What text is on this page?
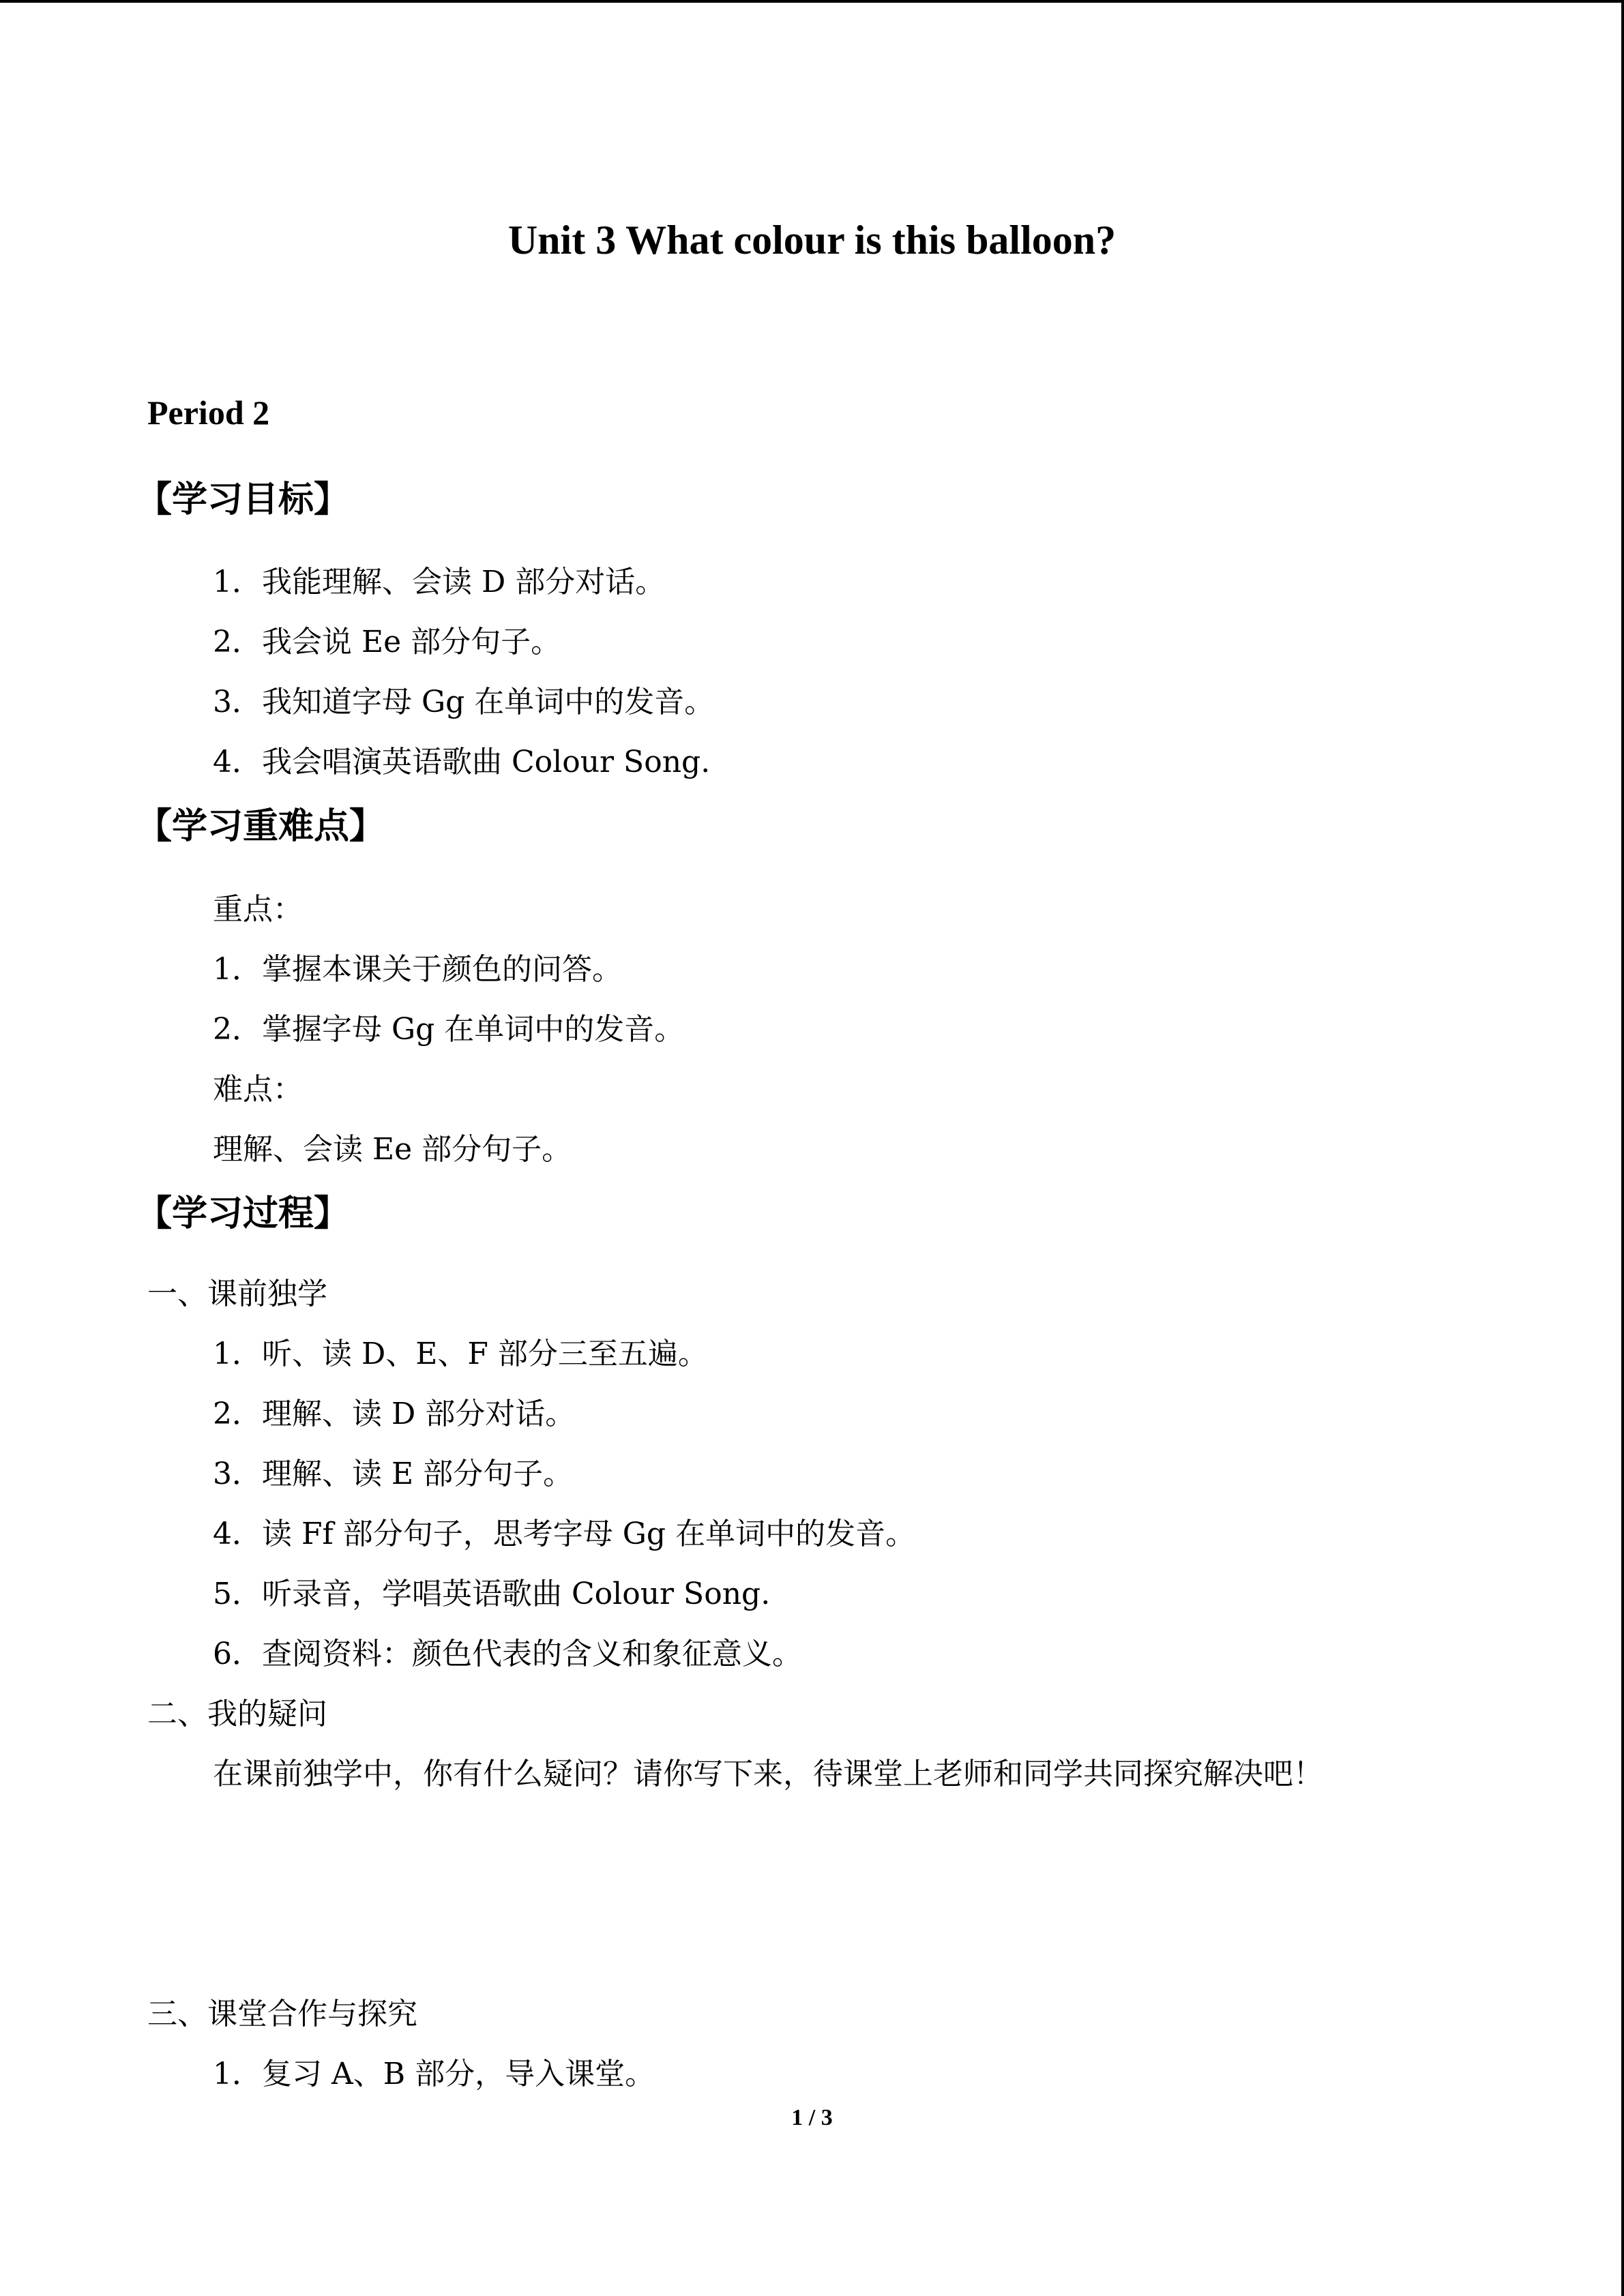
Unit 3 What colour is this balloon?
Period 2
【学习目标】
1．我能理解、会读 D 部分对话。
2．我会说 Ee 部分句子。
3．我知道字母 Gg 在单词中的发音。
4．我会唱演英语歌曲 Colour Song.
【学习重难点】
重点：
1．掌握本课关于颜色的问答。
2．掌握字母 Gg 在单词中的发音。
难点：
理解、会读 Ee 部分句子。
【学习过程】
一、课前独学
1．听、读 D、E、F 部分三至五遍。
2．理解、读 D 部分对话。
3．理解、读 E 部分句子。
4．读 Ff 部分句子，思考字母 Gg 在单词中的发音。
5．听录音，学唱英语歌曲 Colour Song.
6．查阅资料：颜色代表的含义和象征意义。
二、我的疑问
在课前独学中，你有什么疑问？请你写下来，待课堂上老师和同学共同探究解决吧！
三、课堂合作与探究
1．复习 A、B 部分，导入课堂。
1 / 3
